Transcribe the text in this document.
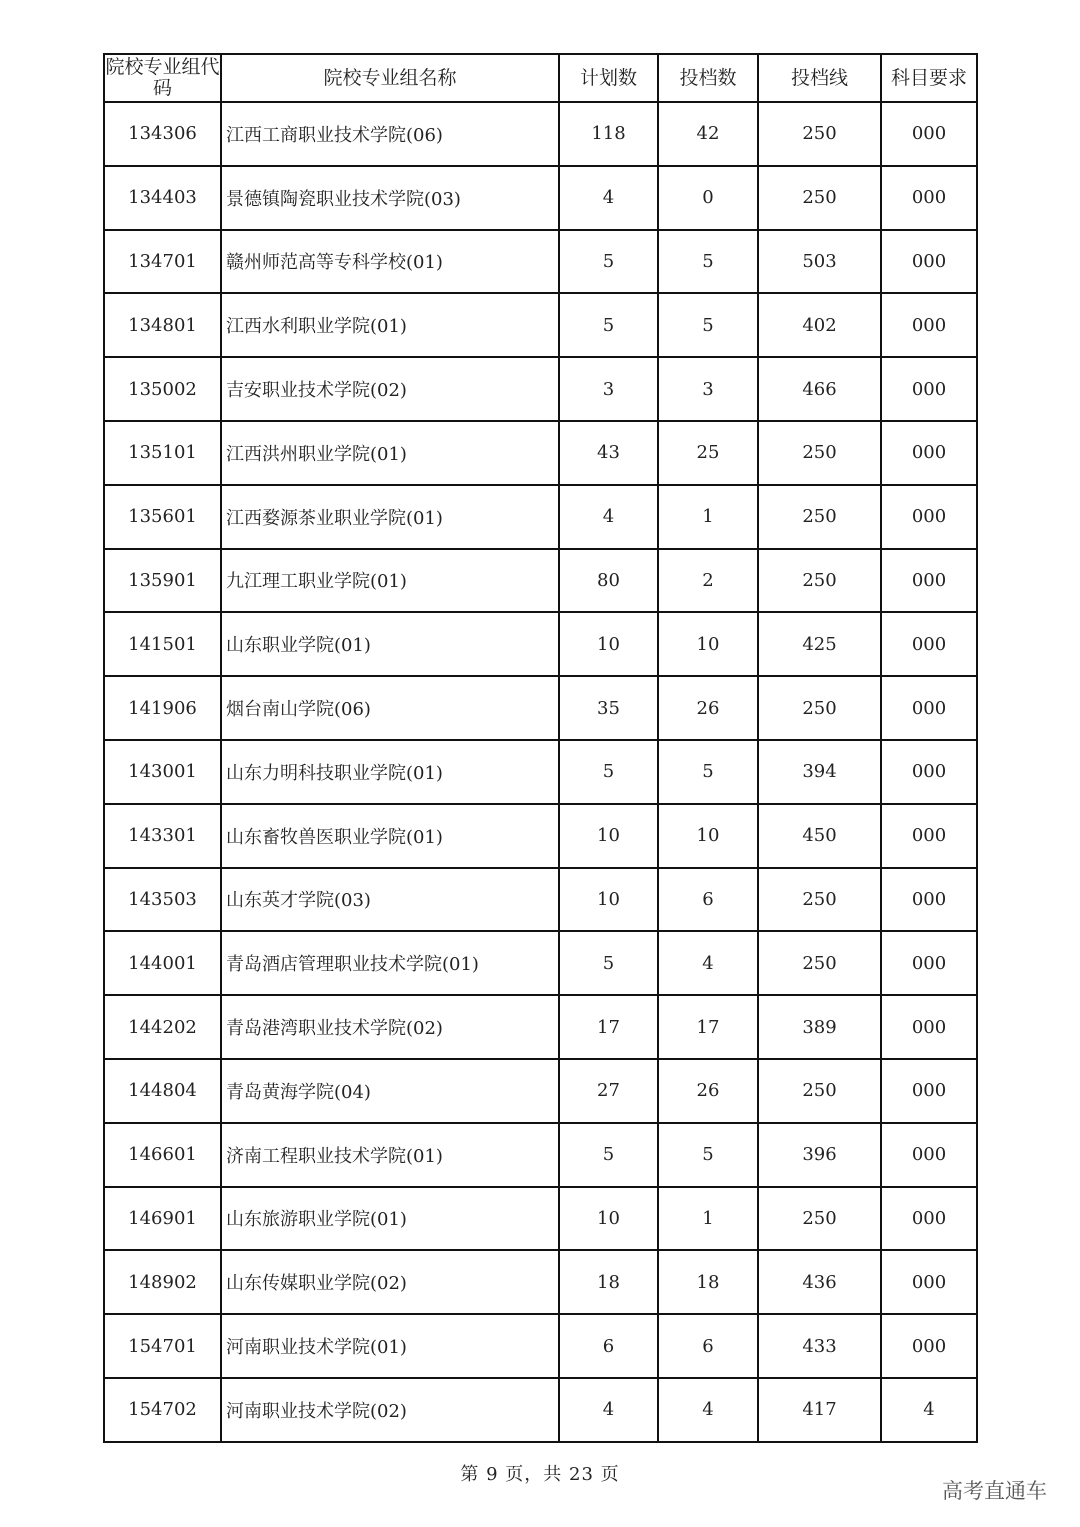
院校专业组代码	院校专业组名称	计划数	投档数	投档线	科目要求
134306	江西工商职业技术学院(06)	118	42	250	000
134403	景德镇陶瓷职业技术学院(03)	4	0	250	000
134701	赣州师范高等专科学校(01)	5	5	503	000
134801	江西水利职业学院(01)	5	5	402	000
135002	吉安职业技术学院(02)	3	3	466	000
135101	江西洪州职业学院(01)	43	25	250	000
135601	江西婺源茶业职业学院(01)	4	1	250	000
135901	九江理工职业学院(01)	80	2	250	000
141501	山东职业学院(01)	10	10	425	000
141906	烟台南山学院(06)	35	26	250	000
143001	山东力明科技职业学院(01)	5	5	394	000
143301	山东畜牧兽医职业学院(01)	10	10	450	000
143503	山东英才学院(03)	10	6	250	000
144001	青岛酒店管理职业技术学院(01)	5	4	250	000
144202	青岛港湾职业技术学院(02)	17	17	389	000
144804	青岛黄海学院(04)	27	26	250	000
146601	济南工程职业技术学院(01)	5	5	396	000
146901	山东旅游职业学院(01)	10	1	250	000
148902	山东传媒职业学院(02)	18	18	436	000
154701	河南职业技术学院(01)	6	6	433	000
154702	河南职业技术学院(02)	4	4	417	4
第 9 页，共 23 页
高考直通车
